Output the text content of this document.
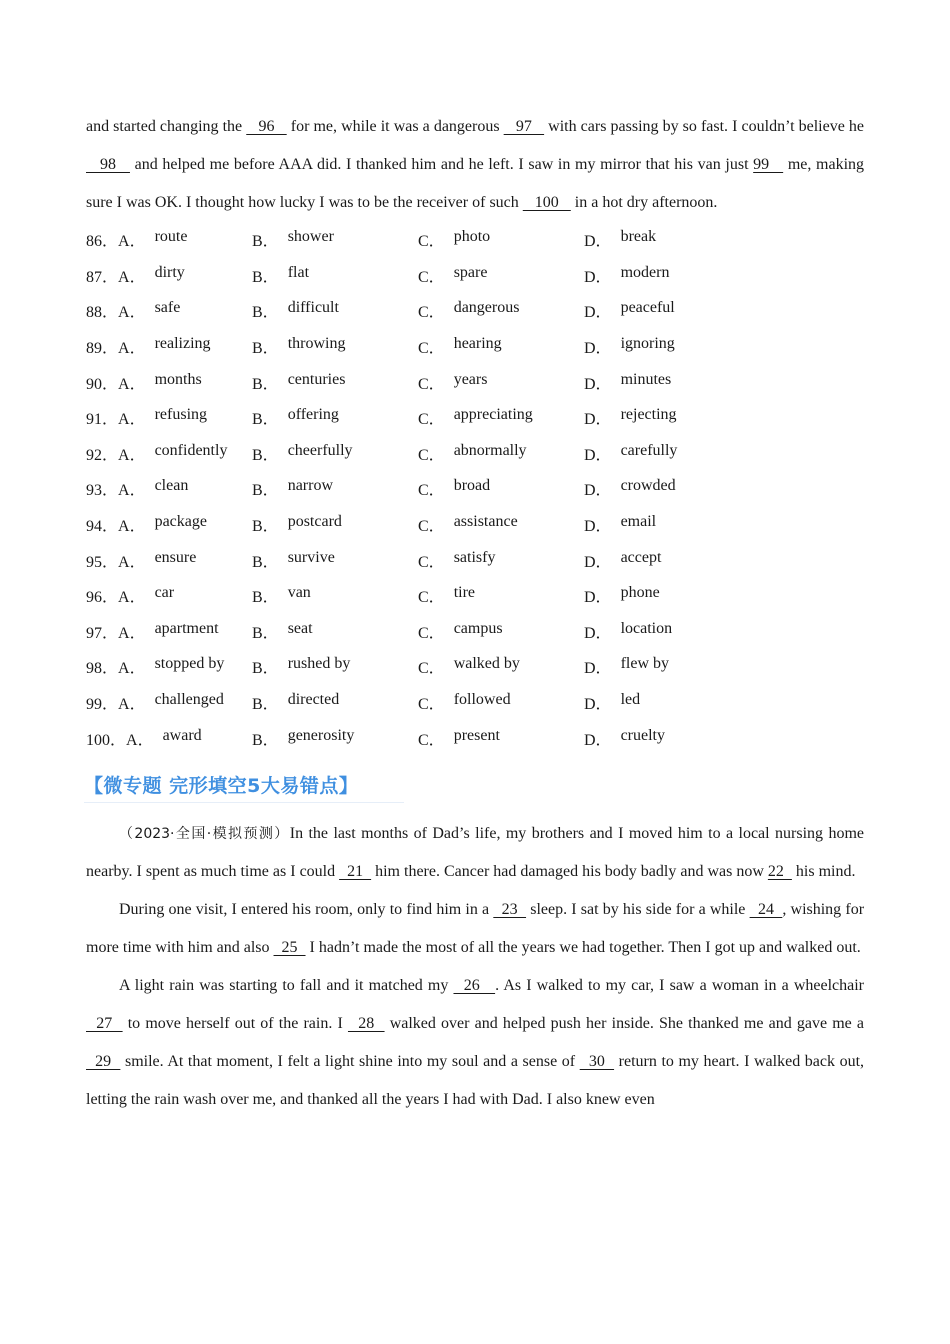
and started changing the    96    for me, while it was a dangerous    97    with cars passing by so fast. I couldn’t believe he    98    and helped me before AAA did. I thanked him and he left. I saw in my mirror that his van just 99    me, making sure I was OK. I thought how lucky I was to be the receiver of such    100    in a hot dry afternoon.

86． A． route	B． shower	C． photo	D． break
87． A． dirty	B． flat	C． spare	D． modern
88． A． safe	B． difficult	C． dangerous	D． peaceful
89． A． realizing	B． throwing	C． hearing	D． ignoring
90． A． months	B． centuries	C． years	D． minutes
91． A． refusing	B． offering	C． appreciating	D． rejecting
92． A． confidently B． cheerfully	C． abnormally	D． carefully
93． A． clean	B． narrow	C． broad	D． crowded
94． A． package	B． postcard	C． assistance	D． email
95． A． ensure	B． survive	C． satisfy	D． accept
96． A． car	B． van	C． tire	D． phone
97． A． apartment B． seat	C． campus	D． location
98． A． stopped by B． rushed by	C． walked by	D． flew by
99． A． challenged B． directed	C． followed	D． led
100． A． award	B． generosity	C． present	D． cruelty
【微专题 完形填空5大易错点】

（2023·全国·模拟预测）In the last months of Dad’s life, my brothers and I moved him to a local nursing home nearby. I spent as much time as I could   21   him there. Cancer had damaged his body badly and was now 22   his mind.

During one visit, I entered his room, only to find him in a   23   sleep. I sat by his side for a while   24  , wishing for more time with him and also   25   I hadn’t made the most of all the years we had together. Then I got up and walked out.

A light rain was starting to fall and it matched my   26   . As I walked to my car, I saw a woman in a wheelchair   27   to move herself out of the rain. I   28   walked over and helped push her inside. She thanked me and gave me a   29   smile. At that moment, I felt a light shine into my soul and a sense of   30   return to my heart. I walked back out, letting the rain wash over me, and thanked all the years I had with Dad. I also knew even
